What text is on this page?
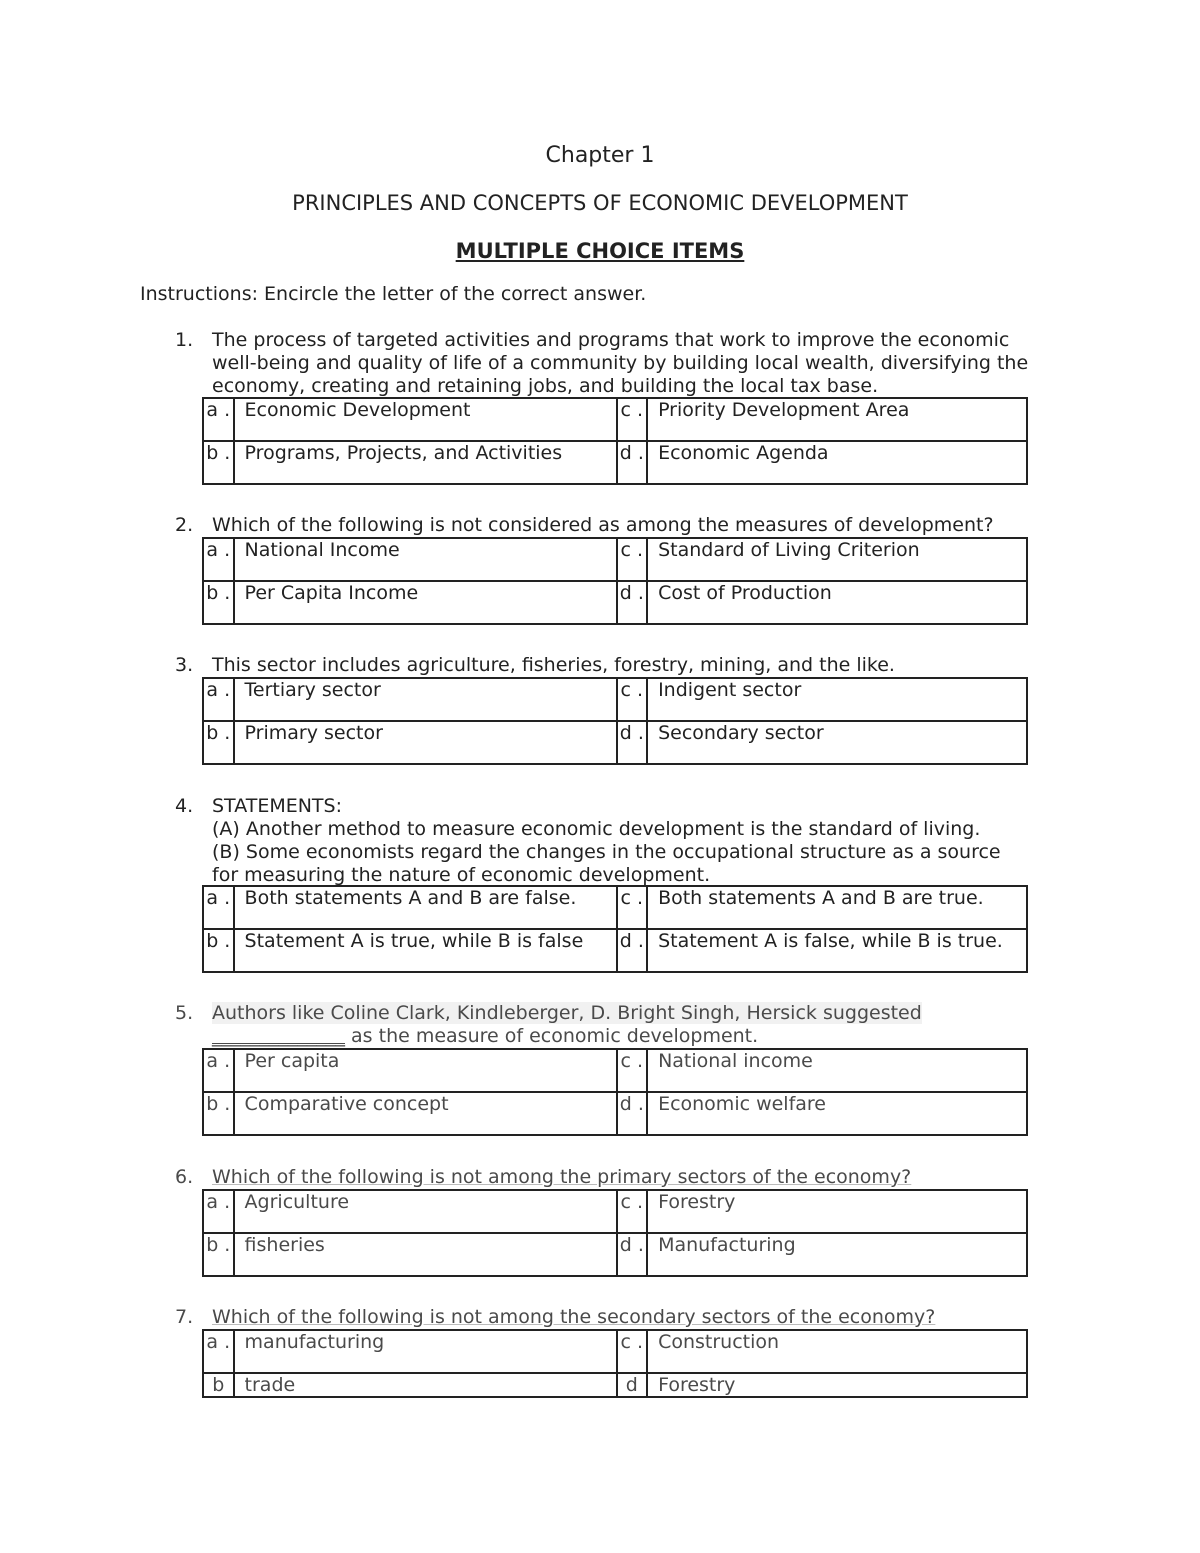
Chapter 1
PRINCIPLES AND CONCEPTS OF ECONOMIC DEVELOPMENT
MULTIPLE CHOICE ITEMS
Instructions: Encircle the letter of the correct answer.
1. The process of targeted activities and programs that work to improve the economic
well-being and quality of life of a community by building local wealth, diversifying the
economy, creating and retaining jobs, and building the local tax base.
a .	Economic Development	c .	Priority Development Area
b .	Programs, Projects, and Activities	d .	Economic Agenda
2. Which of the following is not considered as among the measures of development?
a .	National Income	c .	Standard of Living Criterion
b .	Per Capita Income	d .	Cost of Production
3. This sector includes agriculture, fisheries, forestry, mining, and the like.
a .	Tertiary sector	c .	Indigent sector
b .	Primary sector	d .	Secondary sector
4. STATEMENTS:
(A) Another method to measure economic development is the standard of living.
(B) Some economists regard the changes in the occupational structure as a source
for measuring the nature of economic development.
a .	Both statements A and B are false.	c .	Both statements A and B are true.
b .	Statement A is true, while B is false	d .	Statement A is false, while B is true.
5. Authors like Coline Clark, Kindleberger, D. Bright Singh, Hersick suggested
______________ as the measure of economic development.
a .	Per capita	c .	National income
b .	Comparative concept	d .	Economic welfare
6. Which of the following is not among the primary sectors of the economy?
a .	Agriculture	c .	Forestry
b .	fisheries	d .	Manufacturing
7. Which of the following is not among the secondary sectors of the economy?
a .	manufacturing	c .	Construction
b	trade	d	Forestry
